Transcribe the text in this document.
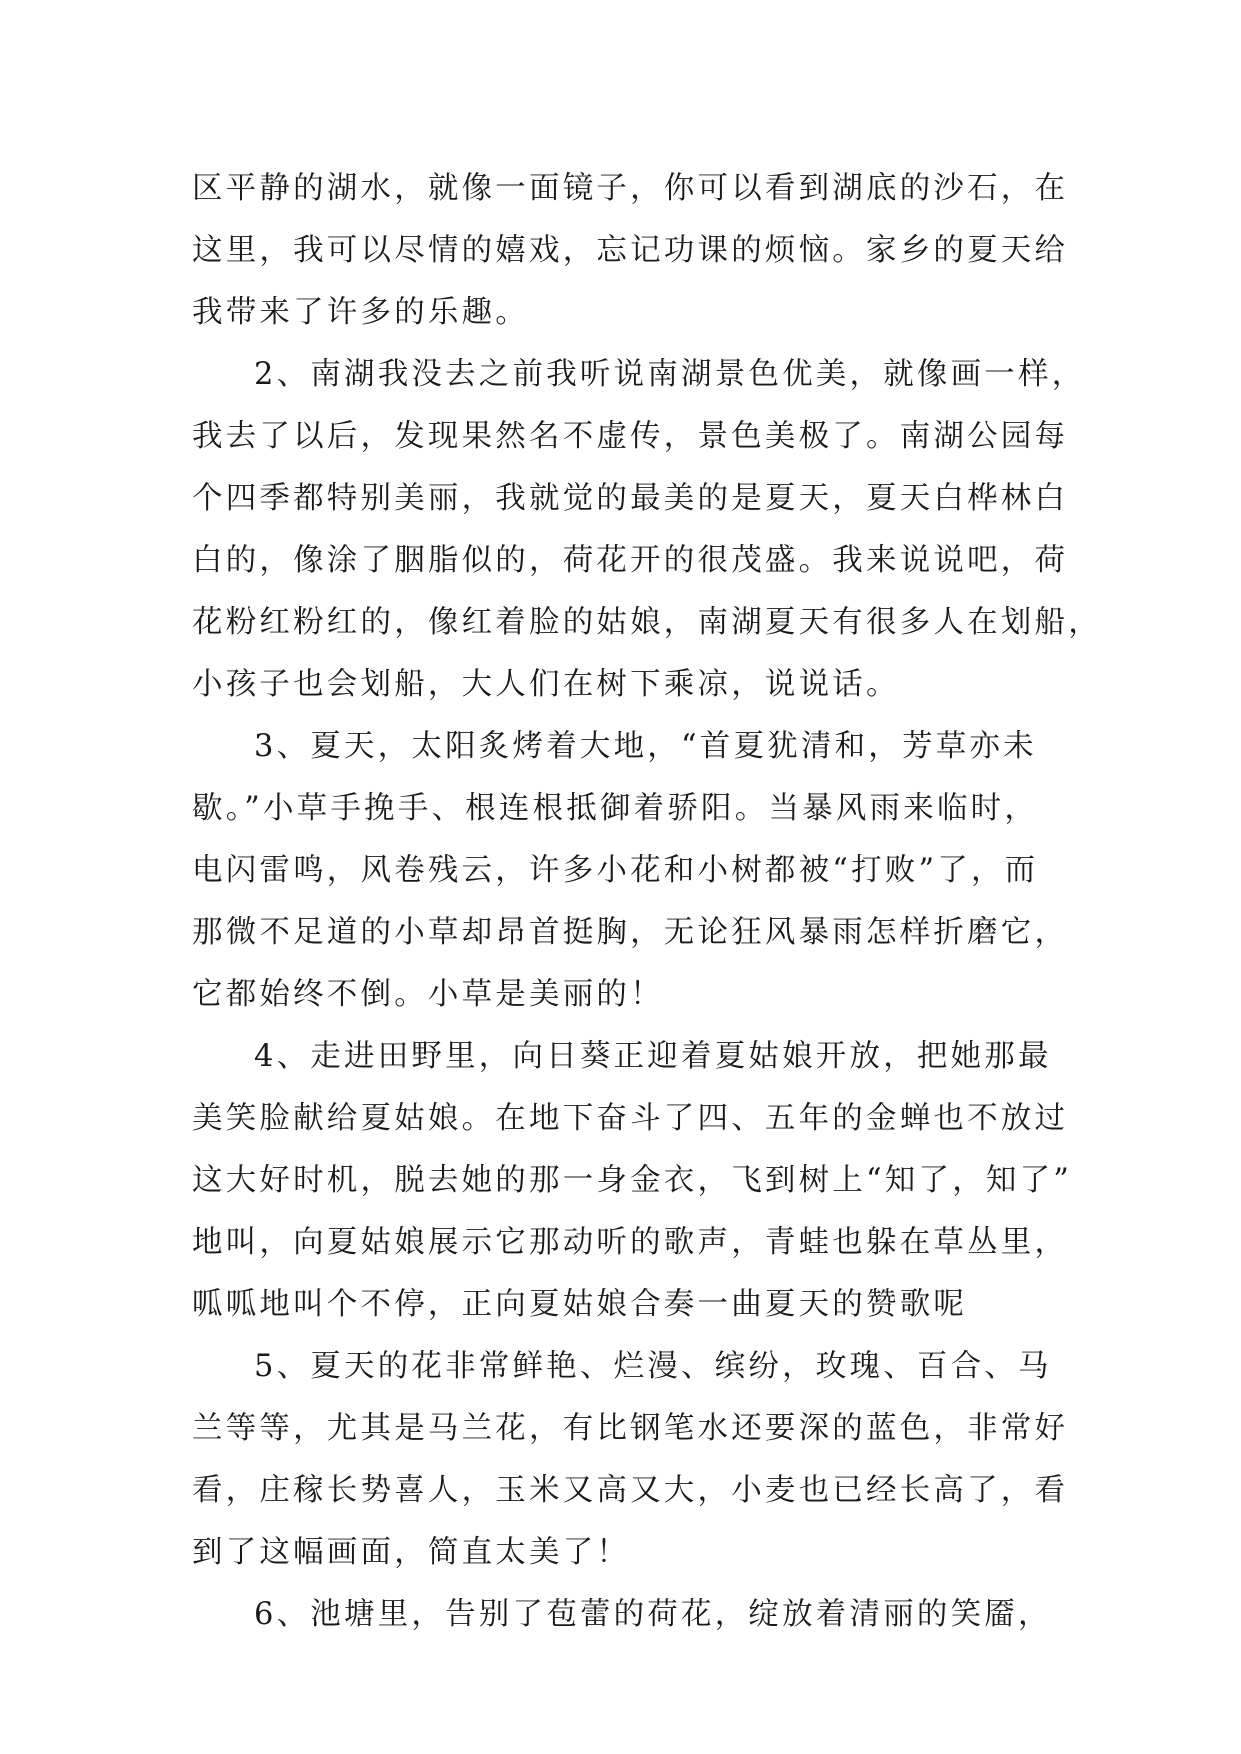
区平静的湖水，就像一面镜子，你可以看到湖底的沙石，在
这里，我可以尽情的嬉戏，忘记功课的烦恼。家乡的夏天给
我带来了许多的乐趣。
2、南湖我没去之前我听说南湖景色优美，就像画一样，
我去了以后，发现果然名不虚传，景色美极了。南湖公园每
个四季都特别美丽，我就觉的最美的是夏天，夏天白桦林白
白的，像涂了胭脂似的，荷花开的很茂盛。我来说说吧，荷
花粉红粉红的，像红着脸的姑娘，南湖夏天有很多人在划船，
小孩子也会划船，大人们在树下乘凉，说说话。
3、夏天，太阳炙烤着大地，“首夏犹清和，芳草亦未
歇。”小草手挽手、根连根抵御着骄阳。当暴风雨来临时，
电闪雷鸣，风卷残云，许多小花和小树都被“打败”了，而
那微不足道的小草却昂首挺胸，无论狂风暴雨怎样折磨它，
它都始终不倒。小草是美丽的！
4、走进田野里，向日葵正迎着夏姑娘开放，把她那最
美笑脸献给夏姑娘。在地下奋斗了四、五年的金蝉也不放过
这大好时机，脱去她的那一身金衣，飞到树上“知了，知了”
地叫，向夏姑娘展示它那动听的歌声，青蛙也躲在草丛里，
呱呱地叫个不停，正向夏姑娘合奏一曲夏天的赞歌呢
5、夏天的花非常鲜艳、烂漫、缤纷，玫瑰、百合、马
兰等等，尤其是马兰花，有比钢笔水还要深的蓝色，非常好
看，庄稼长势喜人，玉米又高又大，小麦也已经长高了，看
到了这幅画面，简直太美了！
6、池塘里，告别了苞蕾的荷花，绽放着清丽的笑靥，
